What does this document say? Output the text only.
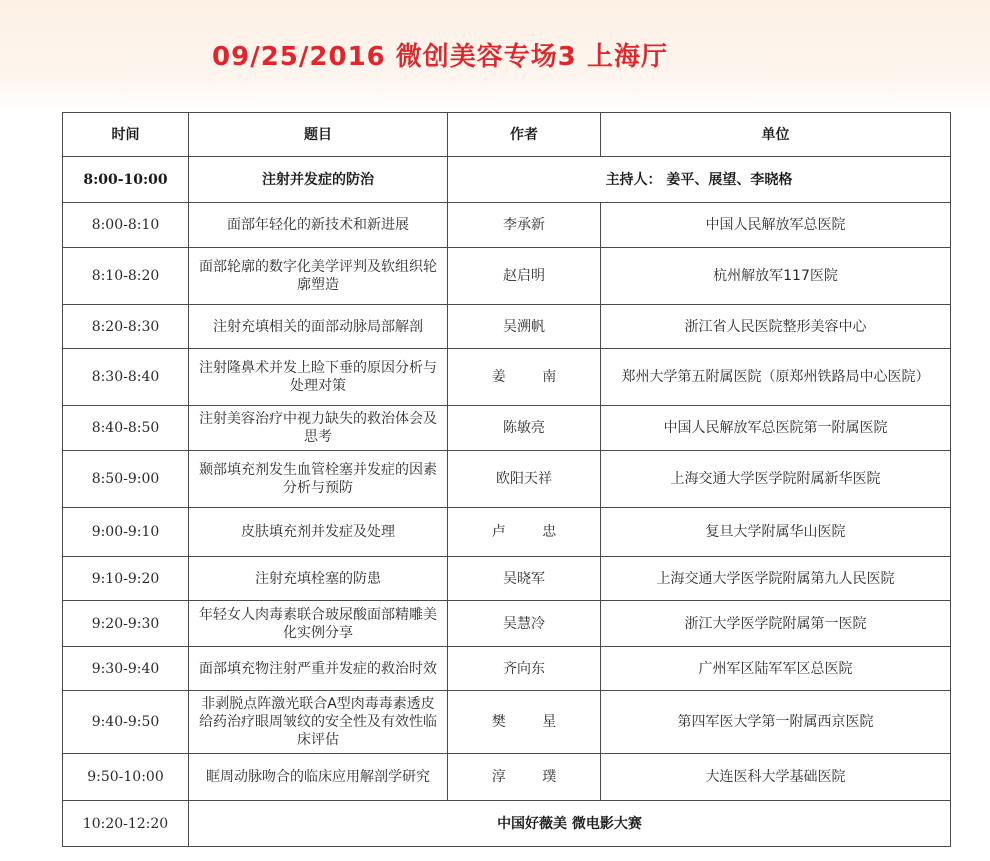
09/25/2016 微创美容专场3 上海厅
时间	题目	作者	单位
8:00-10:00	注射并发症的防治	主持人： 姜平、展望、李晓格	
8:00-8:10	面部年轻化的新技术和新进展	李承新	中国人民解放军总医院
8:10-8:20	面部轮廓的数字化美学评判及软组织轮廓塑造	赵启明	杭州解放军117医院
8:20-8:30	注射充填相关的面部动脉局部解剖	吴溯帆	浙江省人民医院整形美容中心
8:30-8:40	注射隆鼻术并发上睑下垂的原因分析与处理对策	姜 南	郑州大学第五附属医院（原郑州铁路局中心医院）
8:40-8:50	注射美容治疗中视力缺失的救治体会及思考	陈敏亮	中国人民解放军总医院第一附属医院
8:50-9:00	颞部填充剂发生血管栓塞并发症的因素分析与预防	欧阳天祥	上海交通大学医学院附属新华医院
9:00-9:10	皮肤填充剂并发症及处理	卢 忠	复旦大学附属华山医院
9:10-9:20	注射充填栓塞的防患	吴晓军	上海交通大学医学院附属第九人民医院
9:20-9:30	年轻女人肉毒素联合玻尿酸面部精雕美化实例分享	吴慧冷	浙江大学医学院附属第一医院
9:30-9:40	面部填充物注射严重并发症的救治时效	齐向东	广州军区陆军军区总医院
9:40-9:50	非剥脱点阵激光联合A型肉毒毒素透皮给药治疗眼周皱纹的安全性及有效性临床评估	樊 星	第四军医大学第一附属西京医院
9:50-10:00	眶周动脉吻合的临床应用解剖学研究	淳 璞	大连医科大学基础医院
10:20-12:20	中国好薇美 微电影大赛		
